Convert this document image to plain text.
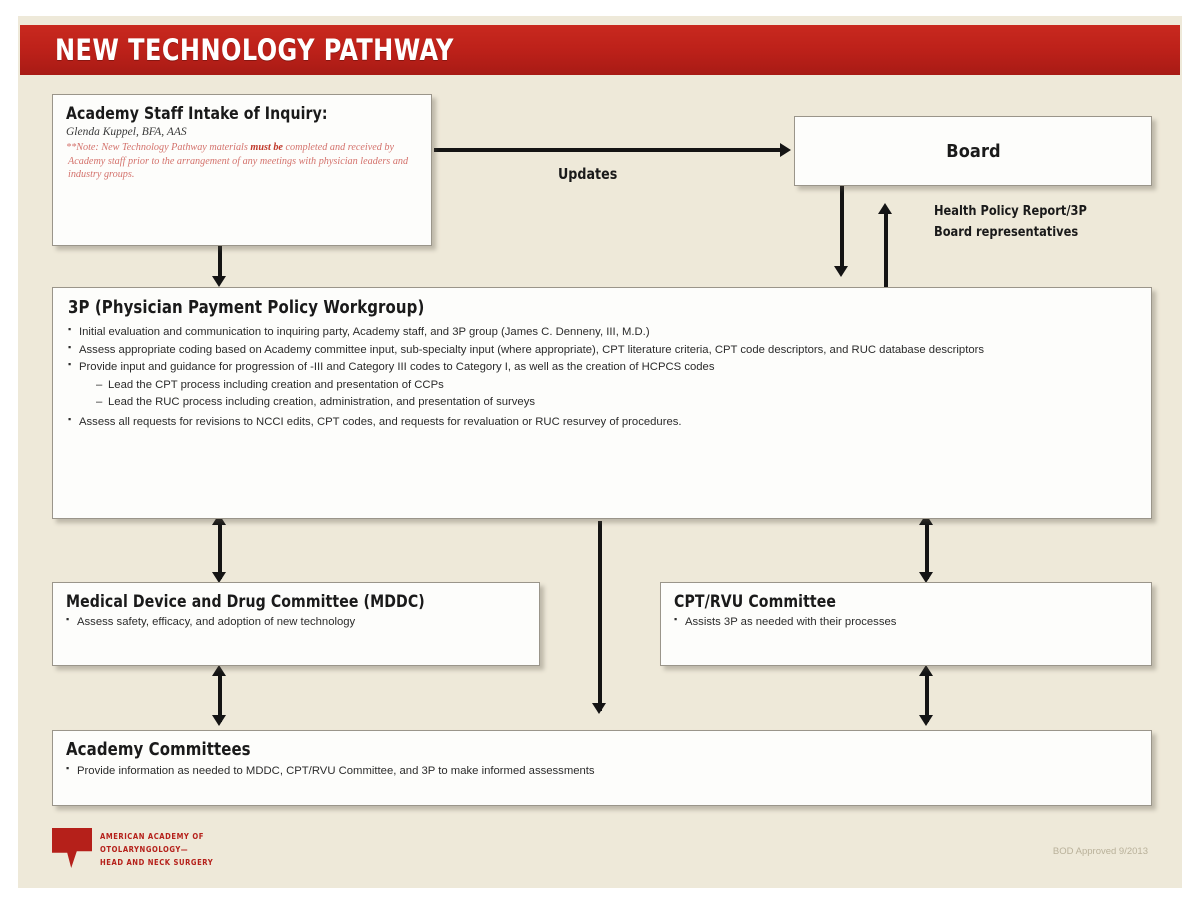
NEW TECHNOLOGY PATHWAY
Updates
Health Policy Report/3P
Board representatives
Academy Staff Intake of Inquiry:

Glenda Kuppel, BFA, AAS

**Note: New Technology Pathway materials must be completed and received by Academy staff prior to the arrangement of any meetings with physician leaders and industry groups.

Board
3P (Physician Payment Policy Workgroup)
▪ Initial evaluation and communication to inquiring party, Academy staff, and 3P group (James C. Denneny, III, M.D.)
▪ Assess appropriate coding based on Academy committee input, sub-specialty input (where appropriate), CPT literature criteria, CPT code descriptors, and RUC database descriptors
▪ Provide input and guidance for progression of -III and Category III codes to Category I, as well as the creation of HCPCS codes
– Lead the CPT process including creation and presentation of CCPs
– Lead the RUC process including creation, administration, and presentation of surveys
▪ Assess all requests for revisions to NCCI edits, CPT codes, and requests for revaluation or RUC resurvey of procedures.
Medical Device and Drug Committee (MDDC)
▪ Assess safety, efficacy, and adoption of new technology
CPT/RVU Committee
▪ Assists 3P as needed with their processes
Academy Committees
▪ Provide information as needed to MDDC, CPT/RVU Committee, and 3P to make informed assessments
AMERICAN ACADEMY OF
OTOLARYNGOLOGY—
HEAD AND NECK SURGERY
BOD Approved 9/2013
